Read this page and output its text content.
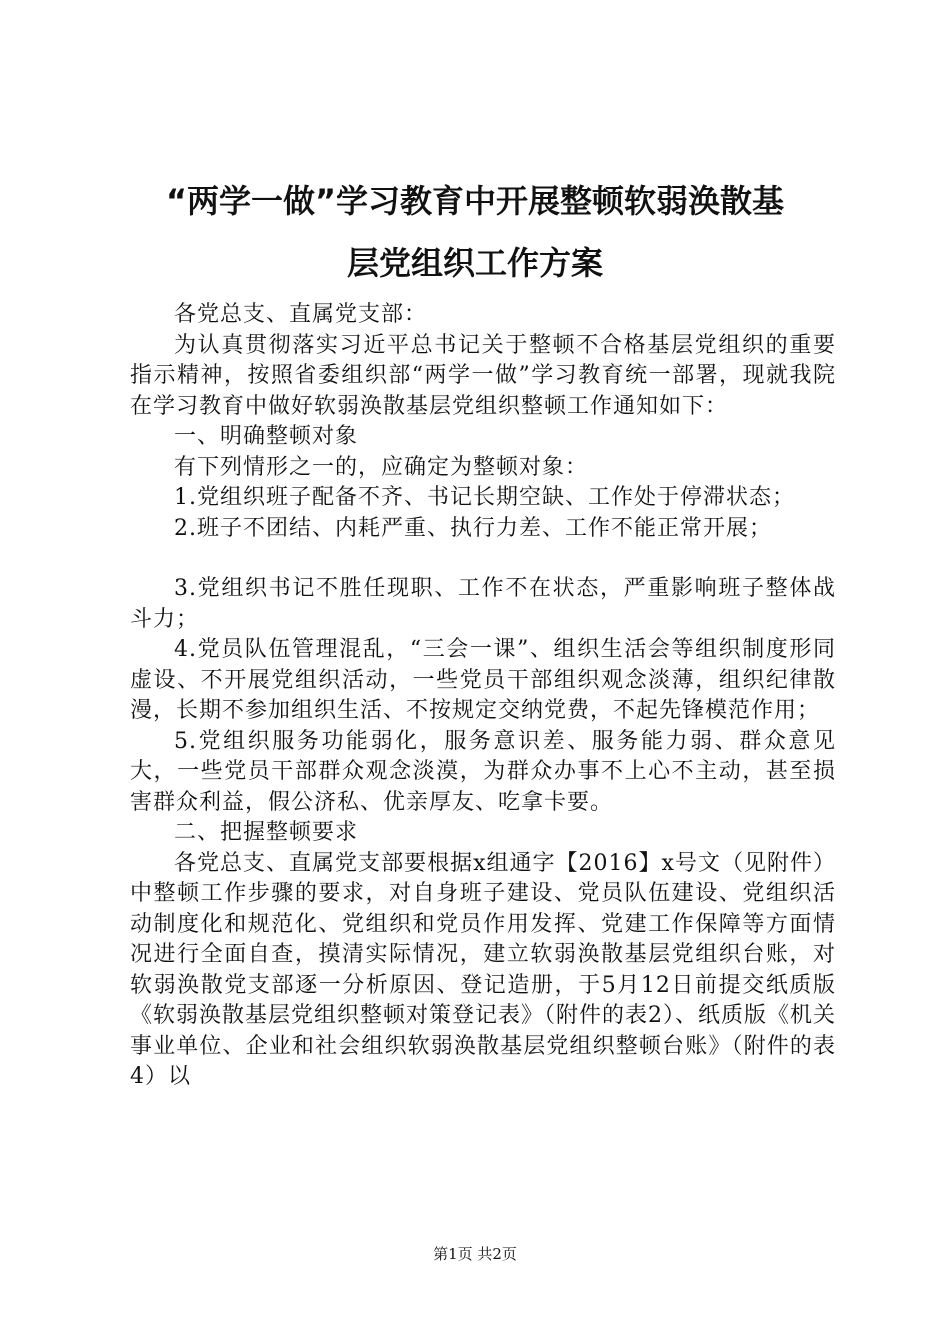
“两学一做”学习教育中开展整顿软弱涣散基
层党组织工作方案

各党总支、直属党支部：

为认真贯彻落实习近平总书记关于整顿不合格基层党组织的重要指示精神，按照省委组织部“两学一做”学习教育统一部署，现就我院在学习教育中做好软弱涣散基层党组织整顿工作通知如下：

一、明确整顿对象

有下列情形之一的，应确定为整顿对象：

1.党组织班子配备不齐、书记长期空缺、工作处于停滞状态；

2.班子不团结、内耗严重、执行力差、工作不能正常开展；

3.党组织书记不胜任现职、工作不在状态，严重影响班子整体战斗力；

4.党员队伍管理混乱，“三会一课”、组织生活会等组织制度形同虚设、不开展党组织活动，一些党员干部组织观念淡薄，组织纪律散漫，长期不参加组织生活、不按规定交纳党费，不起先锋模范作用；

5.党组织服务功能弱化，服务意识差、服务能力弱、群众意见大，一些党员干部群众观念淡漠，为群众办事不上心不主动，甚至损害群众利益，假公济私、优亲厚友、吃拿卡要。

二、把握整顿要求

各党总支、直属党支部要根据x组通字【2016】x号文（见附件）中整顿工作步骤的要求，对自身班子建设、党员队伍建设、党组织活动制度化和规范化、党组织和党员作用发挥、党建工作保障等方面情况进行全面自查，摸清实际情况，建立软弱涣散基层党组织台账，对软弱涣散党支部逐一分析原因、登记造册，于5月12日前提交纸质版《软弱涣散基层党组织整顿对策登记表》（附件的表2）、纸质版《机关事业单位、企业和社会组织软弱涣散基层党组织整顿台账》（附件的表4）以

第1页 共2页
